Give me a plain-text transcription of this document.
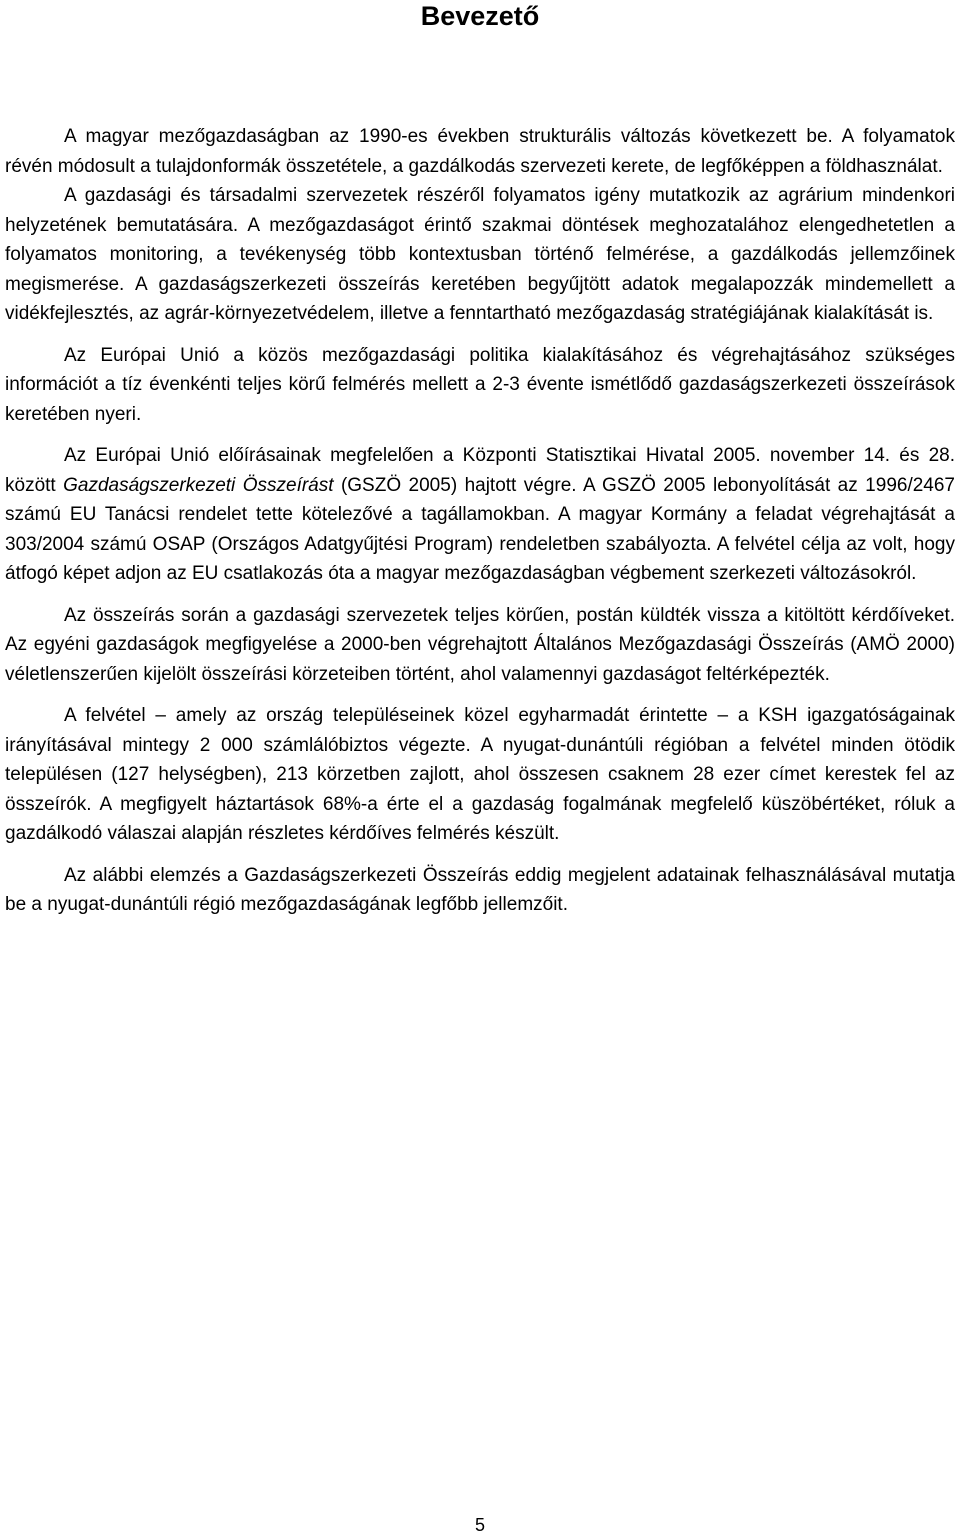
Bevezető

A magyar mezőgazdaságban az 1990-es években strukturális változás következett be. A folyamatok révén módosult a tulajdonformák összetétele, a gazdálkodás szervezeti kerete, de legfőképpen a földhasználat.

A gazdasági és társadalmi szervezetek részéről folyamatos igény mutatkozik az agrárium mindenkori helyzetének bemutatására. A mezőgazdaságot érintő szakmai döntések meghozatalához elengedhetetlen a folyamatos monitoring, a tevékenység több kontextusban történő felmérése, a gazdálkodás jellemzőinek megismerése. A gazdaságszerkezeti összeírás keretében begyűjtött adatok megalapozzák mindemellett a vidékfejlesztés, az agrár-környezetvédelem, illetve a fenntartható mezőgazdaság stratégiájának kialakítását is.

Az Európai Unió a közös mezőgazdasági politika kialakításához és végrehajtásához szükséges információt a tíz évenkénti teljes körű felmérés mellett a 2-3 évente ismétlődő gazdaságszerkezeti összeírások keretében nyeri.

Az Európai Unió előírásainak megfelelően a Központi Statisztikai Hivatal 2005. november 14. és 28. között Gazdaságszerkezeti Összeírást (GSZÖ 2005) hajtott végre. A GSZÖ 2005 lebonyolítását az 1996/2467 számú EU Tanácsi rendelet tette kötelezővé a tagállamokban. A magyar Kormány a feladat végrehajtását a 303/2004 számú OSAP (Országos Adatgyűjtési Program) rendeletben szabályozta. A felvétel célja az volt, hogy átfogó képet adjon az EU csatlakozás óta a magyar mezőgazdaságban végbement szerkezeti változásokról.

Az összeírás során a gazdasági szervezetek teljes körűen, postán küldték vissza a kitöltött kérdőíveket. Az egyéni gazdaságok megfigyelése a 2000-ben végrehajtott Általános Mezőgazdasági Összeírás (AMÖ 2000) véletlenszerűen kijelölt összeírási körzeteiben történt, ahol valamennyi gazdaságot feltérképezték.

A felvétel – amely az ország településeinek közel egyharmadát érintette – a KSH igazgatóságainak irányításával mintegy 2 000 számlálóbiztos végezte. A nyugat-dunántúli régióban a felvétel minden ötödik településen (127 helységben), 213 körzetben zajlott, ahol összesen csaknem 28 ezer címet kerestek fel az összeírók. A megfigyelt háztartások 68%-a érte el a gazdaság fogalmának megfelelő küszöbértéket, róluk a gazdálkodó válaszai alapján részletes kérdőíves felmérés készült.

Az alábbi elemzés a Gazdaságszerkezeti Összeírás eddig megjelent adatainak felhasználásával mutatja be a nyugat-dunántúli régió mezőgazdaságának legfőbb jellemzőit.

5
